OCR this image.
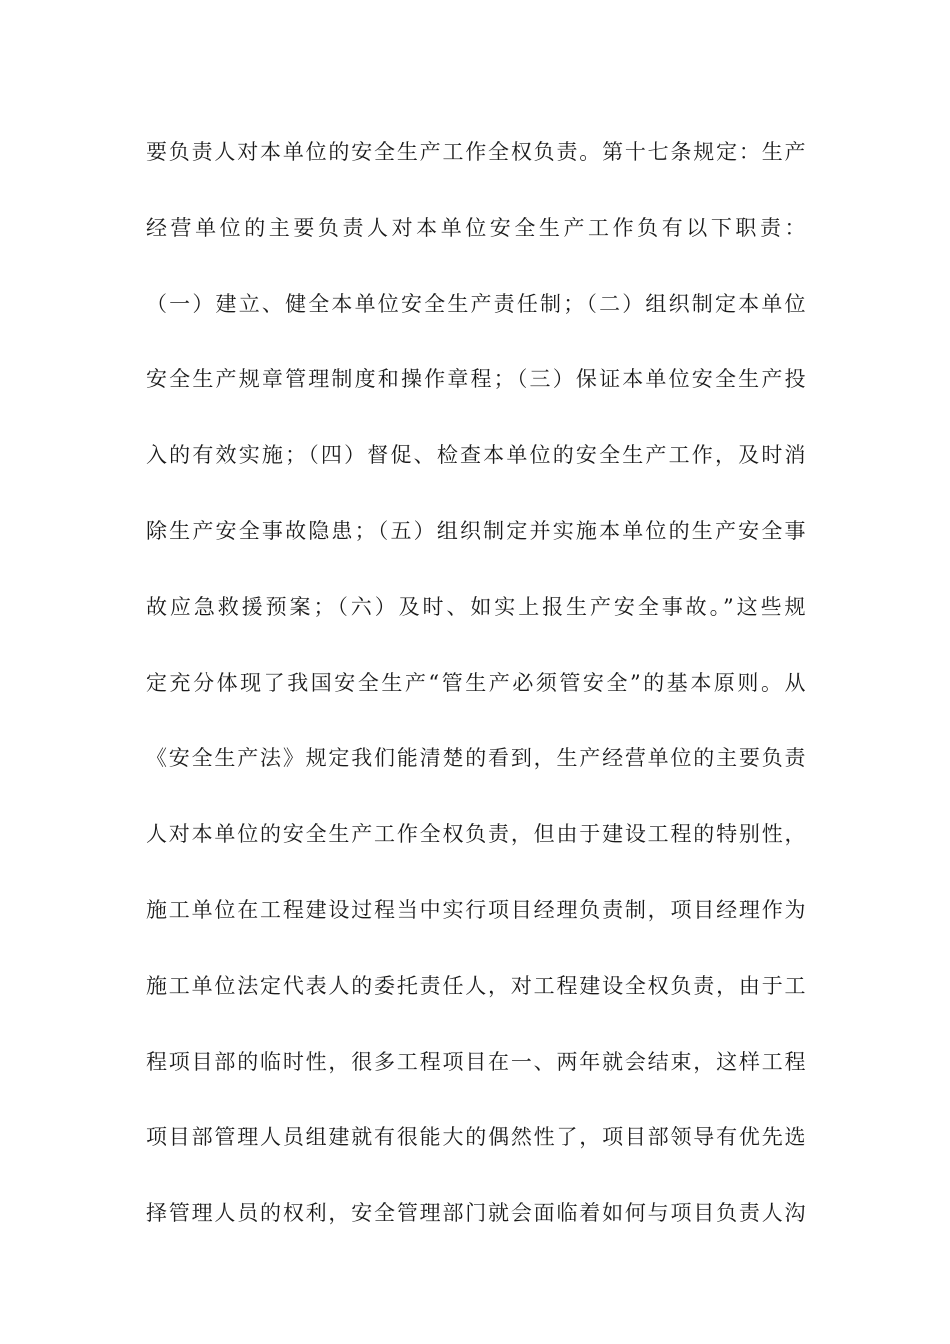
要负责人对本单位的安全生产工作全权负责。第十七条规定：生产
经营单位的主要负责人对本单位安全生产工作负有以下职责：
（一）建立、健全本单位安全生产责任制；（二）组织制定本单位
安全生产规章管理制度和操作章程；（三）保证本单位安全生产投
入的有效实施；（四）督促、检查本单位的安全生产工作，及时消
除生产安全事故隐患；（五）组织制定并实施本单位的生产安全事
故应急救援预案；（六）及时、如实上报生产安全事故。”这些规
定充分体现了我国安全生产“管生产必须管安全”的基本原则。从
《安全生产法》规定我们能清楚的看到，生产经营单位的主要负责
人对本单位的安全生产工作全权负责，但由于建设工程的特别性，
施工单位在工程建设过程当中实行项目经理负责制，项目经理作为
施工单位法定代表人的委托责任人，对工程建设全权负责，由于工
程项目部的临时性，很多工程项目在一、两年就会结束，这样工程
项目部管理人员组建就有很能大的偶然性了，项目部领导有优先选
择管理人员的权利，安全管理部门就会面临着如何与项目负责人沟
